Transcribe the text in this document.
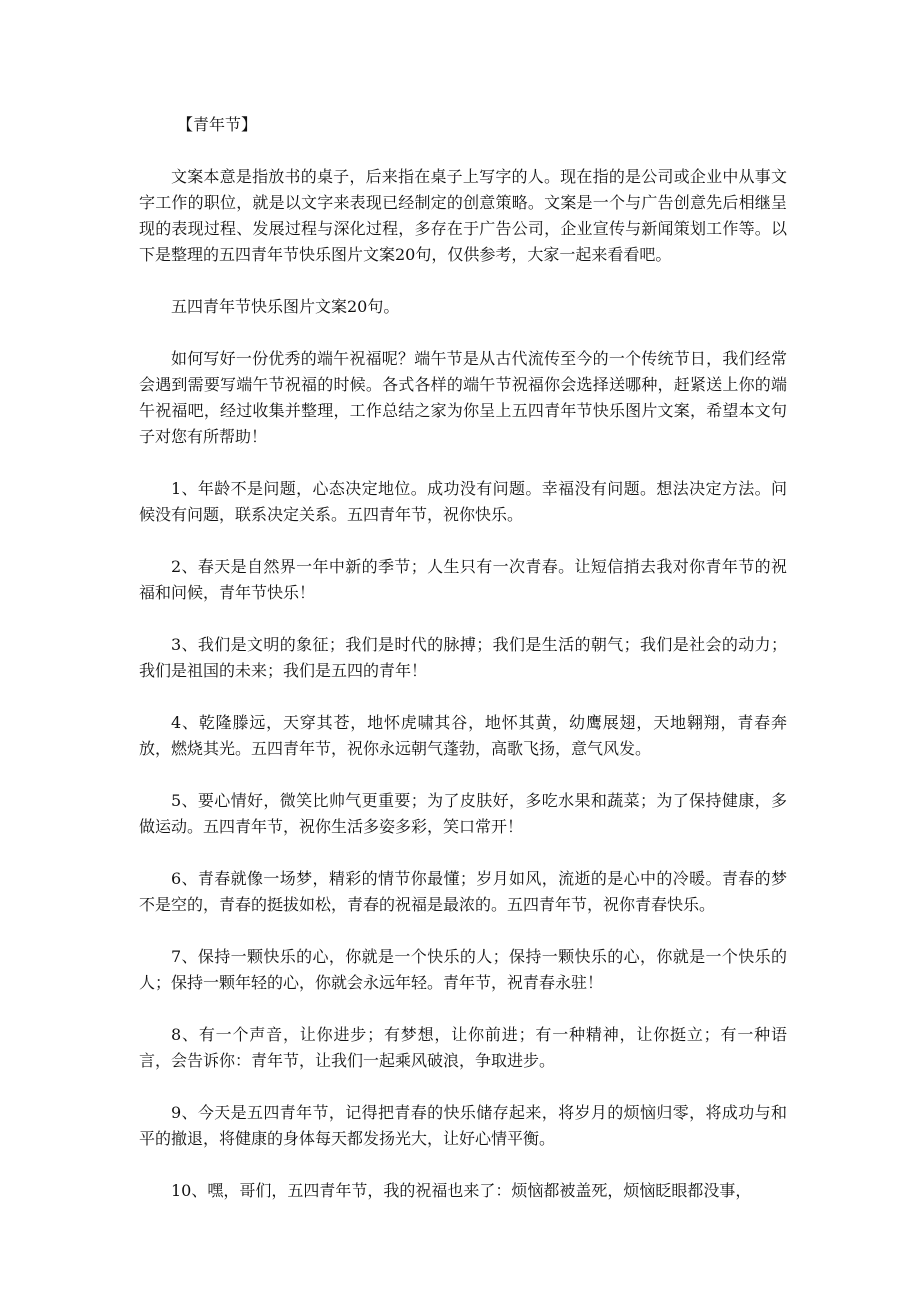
【青年节】

文案本意是指放书的桌子，后来指在桌子上写字的人。现在指的是公司或企业中从事文字工作的职位，就是以文字来表现已经制定的创意策略。文案是一个与广告创意先后相继呈现的表现过程、发展过程与深化过程，多存在于广告公司，企业宣传与新闻策划工作等。以下是整理的五四青年节快乐图片文案20句，仅供参考，大家一起来看看吧。

五四青年节快乐图片文案20句。

如何写好一份优秀的端午祝福呢？端午节是从古代流传至今的一个传统节日，我们经常会遇到需要写端午节祝福的时候。各式各样的端午节祝福你会选择送哪种，赶紧送上你的端午祝福吧，经过收集并整理，工作总结之家为你呈上五四青年节快乐图片文案，希望本文句子对您有所帮助！

1、年龄不是问题，心态决定地位。成功没有问题。幸福没有问题。想法决定方法。问候没有问题，联系决定关系。五四青年节，祝你快乐。

2、春天是自然界一年中新的季节；人生只有一次青春。让短信捎去我对你青年节的祝福和问候，青年节快乐！

3、我们是文明的象征；我们是时代的脉搏；我们是生活的朝气；我们是社会的动力；我们是祖国的未来；我们是五四的青年！

4、乾隆滕远，天穿其苍，地怀虎啸其谷，地怀其黄，幼鹰展翅，天地翱翔，青春奔放，燃烧其光。五四青年节，祝你永远朝气蓬勃，高歌飞扬，意气风发。

5、要心情好，微笑比帅气更重要；为了皮肤好，多吃水果和蔬菜；为了保持健康，多做运动。五四青年节，祝你生活多姿多彩，笑口常开！

6、青春就像一场梦，精彩的情节你最懂；岁月如风，流逝的是心中的冷暖。青春的梦不是空的，青春的挺拔如松，青春的祝福是最浓的。五四青年节，祝你青春快乐。

7、保持一颗快乐的心，你就是一个快乐的人；保持一颗快乐的心，你就是一个快乐的人；保持一颗年轻的心，你就会永远年轻。青年节，祝青春永驻！

8、有一个声音，让你进步；有梦想，让你前进；有一种精神，让你挺立；有一种语言，会告诉你：青年节，让我们一起乘风破浪，争取进步。

9、今天是五四青年节，记得把青春的快乐储存起来，将岁月的烦恼归零，将成功与和平的撤退，将健康的身体每天都发扬光大，让好心情平衡。

10、嘿，哥们，五四青年节，我的祝福也来了：烦恼都被盖死，烦恼眨眼都没事，
